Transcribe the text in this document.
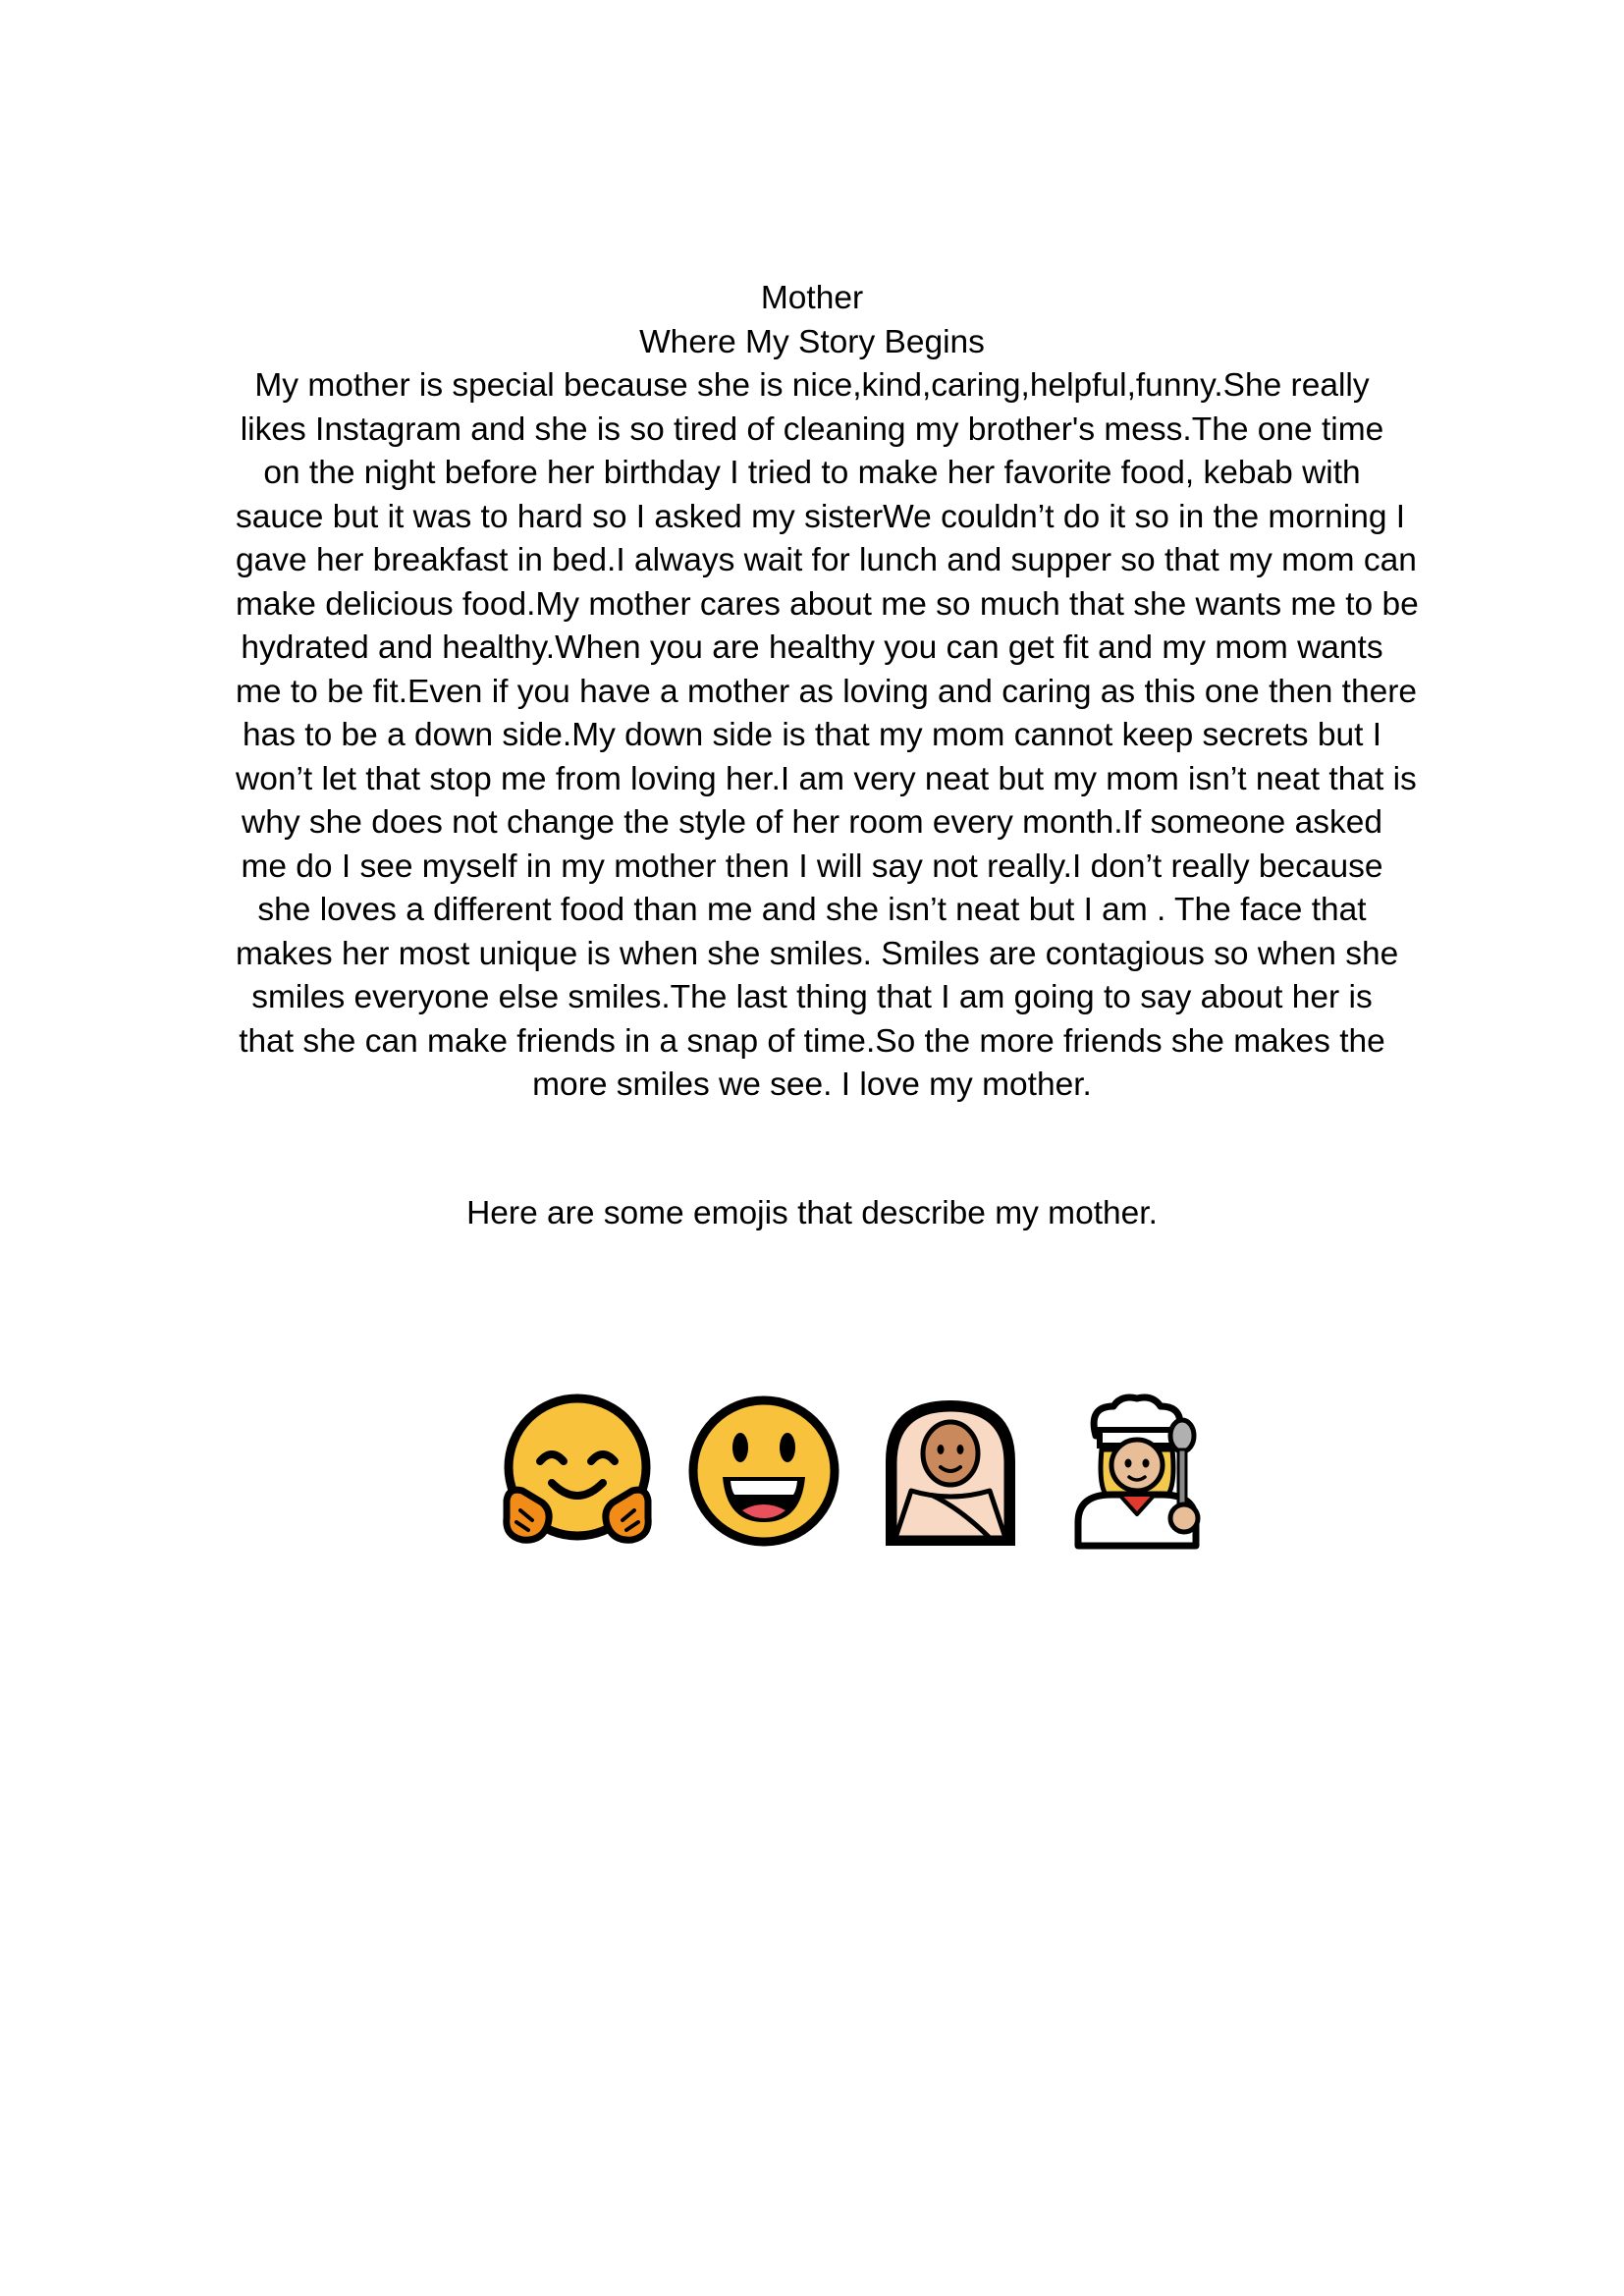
Mother
Where My Story Begins
My mother is special because she is nice,kind,caring,helpful,funny.She really
likes Instagram and she is so tired of cleaning my brother's mess.The one time
on the night before her birthday I tried to make her favorite food, kebab with
sauce but it was to hard so I asked my sisterWe couldn’t do it so in the morning I
gave her breakfast in bed.I always wait for lunch and supper so that my mom can
make delicious food.My mother cares about me so much that she wants me to be
hydrated and healthy.When you are healthy you can get fit and my mom wants
me to be fit.Even if you have a mother as loving and caring as this one then there
has to be a down side.My down side is that my mom cannot keep secrets but I
won’t let that stop me from loving her.I am very neat but my mom isn’t neat that is
why she does not change the style of her room every month.If someone asked
me do I see myself in my mother then I will say not really.I don’t really because
she loves a different food than me and she isn’t neat but I am . The face that
makes her most unique is when she smiles. Smiles are contagious so when she
smiles everyone else smiles.The last thing that I am going to say about her is
that she can make friends in a snap of time.So the more friends she makes the
more smiles we see. I love my mother.
Here are some emojis that describe my mother.
